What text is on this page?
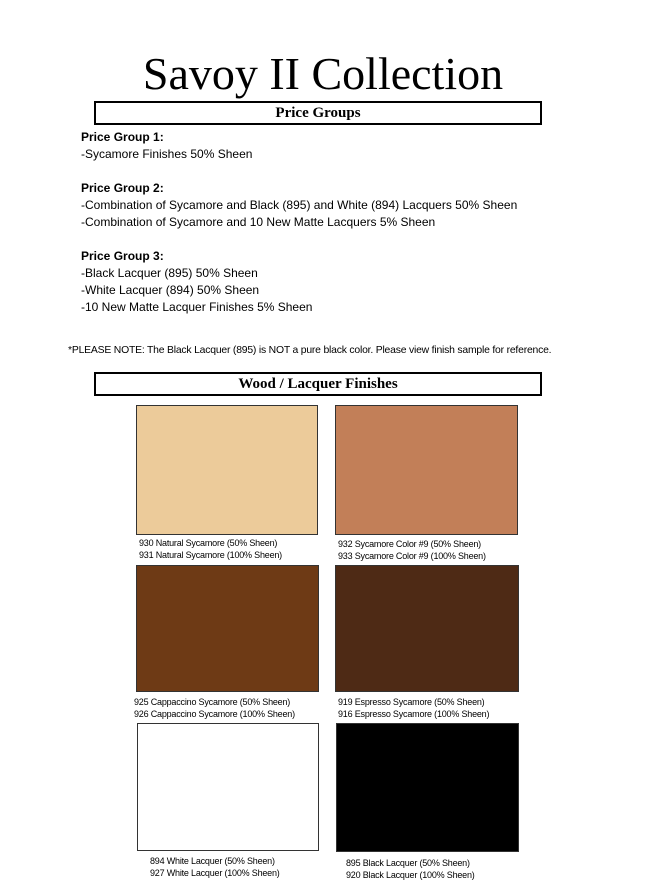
Savoy II Collection
Price Groups
Price Group 1:
-Sycamore Finishes 50% Sheen
Price Group 2:
-Combination of Sycamore and Black (895) and White (894) Lacquers 50% Sheen
-Combination of Sycamore and 10 New Matte Lacquers 5% Sheen
Price Group 3:
-Black Lacquer (895) 50% Sheen
-White Lacquer (894) 50% Sheen
-10 New Matte Lacquer Finishes 5% Sheen
*PLEASE NOTE: The Black Lacquer (895) is NOT a pure black color. Please view finish sample for reference.
Wood / Lacquer Finishes
930 Natural Sycamore (50% Sheen)
931 Natural Sycamore (100% Sheen)
932 Sycamore Color #9 (50% Sheen)
933 Sycamore Color #9 (100% Sheen)
925 Cappaccino Sycamore (50% Sheen)
926 Cappaccino Sycamore (100% Sheen)
919 Espresso Sycamore (50% Sheen)
916 Espresso Sycamore (100% Sheen)
894 White Lacquer (50% Sheen)
927 White Lacquer (100% Sheen)
895 Black Lacquer (50% Sheen)
920 Black Lacquer (100% Sheen)
